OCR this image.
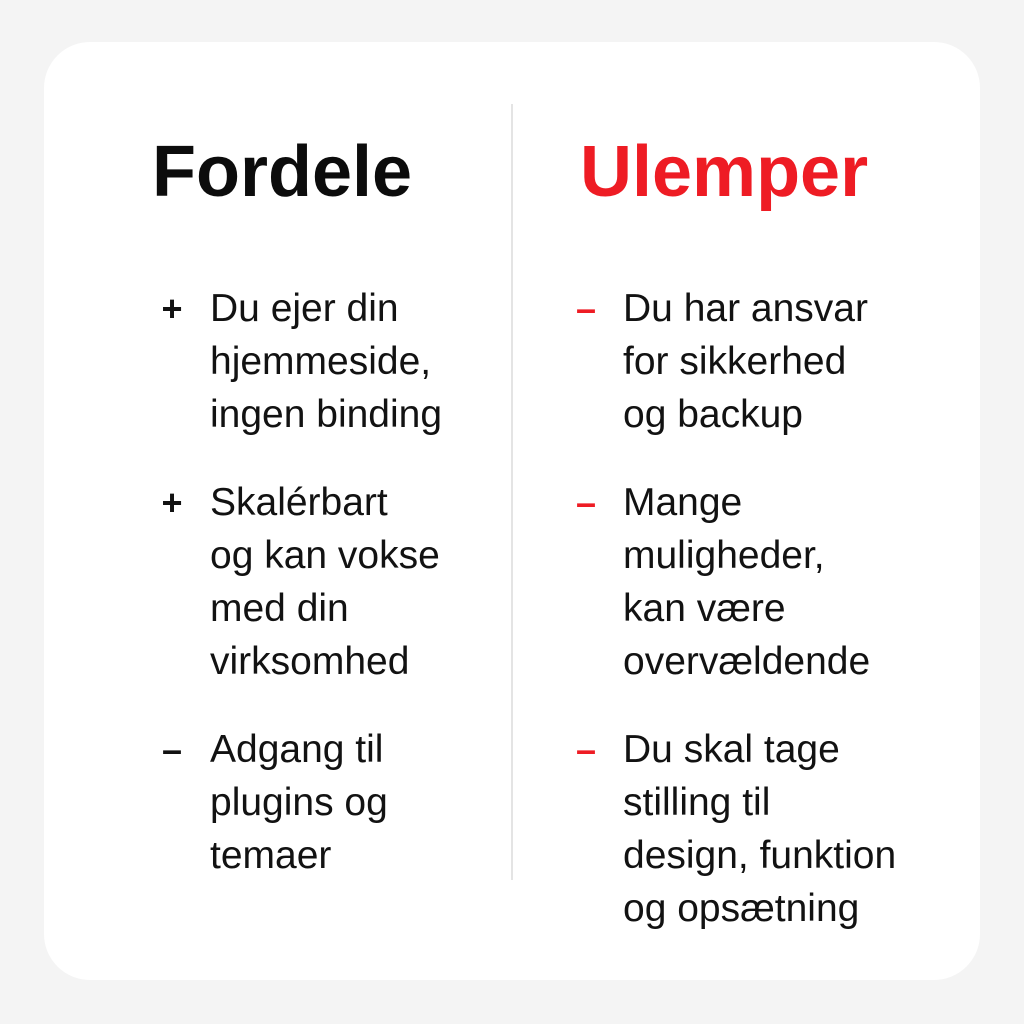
Fordele Ulemper
+ Du ejer din
hjemmeside,
ingen binding
+ Skalérbart
og kan vokse
med din
virksomhed
– Adgang til
plugins og
temaer
– Du har ansvar
for sikkerhed
og backup
– Mange
muligheder,
kan være
overvældende
– Du skal tage
stilling til
design, funktion
og opsætning
